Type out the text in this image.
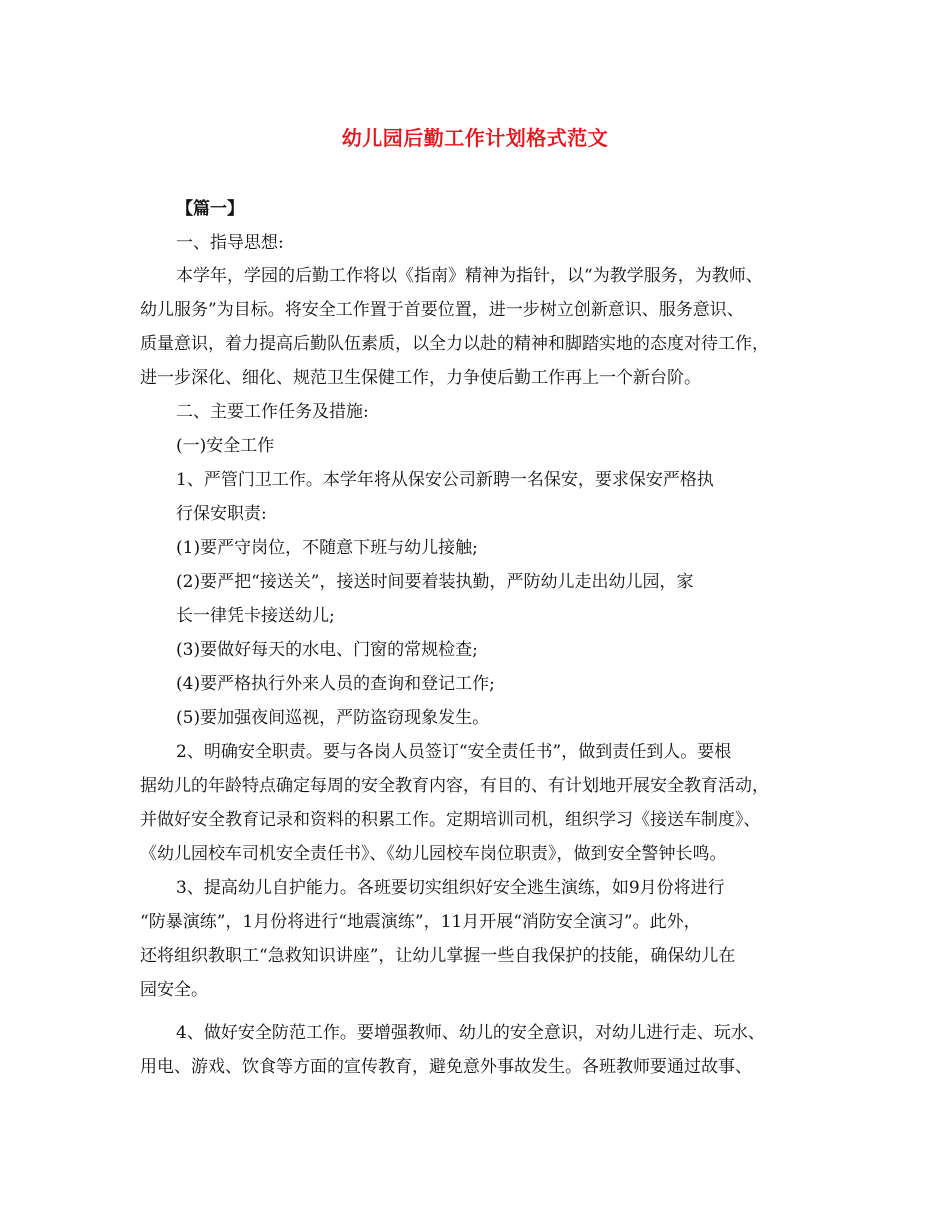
幼儿园后勤工作计划格式范文
【篇一】
一、指导思想:
本学年，学园的后勤工作将以《指南》精神为指针，以“为教学服务，为教师、
幼儿服务”为目标。将安全工作置于首要位置，进一步树立创新意识、服务意识、
质量意识，着力提高后勤队伍素质，以全力以赴的精神和脚踏实地的态度对待工作，
进一步深化、细化、规范卫生保健工作，力争使后勤工作再上一个新台阶。
二、主要工作任务及措施:
(一)安全工作
1、严管门卫工作。本学年将从保安公司新聘一名保安，要求保安严格执
行保安职责:
(1)要严守岗位，不随意下班与幼儿接触;
(2)要严把“接送关”，接送时间要着装执勤，严防幼儿走出幼儿园，家
长一律凭卡接送幼儿;
(3)要做好每天的水电、门窗的常规检查;
(4)要严格执行外来人员的查询和登记工作;
(5)要加强夜间巡视，严防盗窃现象发生。
2、明确安全职责。要与各岗人员签订“安全责任书”，做到责任到人。要根
据幼儿的年龄特点确定每周的安全教育内容，有目的、有计划地开展安全教育活动，
并做好安全教育记录和资料的积累工作。定期培训司机，组织学习《接送车制度》、
《幼儿园校车司机安全责任书》、《幼儿园校车岗位职责》，做到安全警钟长鸣。
3、提高幼儿自护能力。各班要切实组织好安全逃生演练，如9月份将进行
“防暴演练”，1月份将进行“地震演练”，11月开展“消防安全演习”。此外，
还将组织教职工“急救知识讲座”，让幼儿掌握一些自我保护的技能，确保幼儿在
园安全。
4、做好安全防范工作。要增强教师、幼儿的安全意识，对幼儿进行走、玩水、
用电、游戏、饮食等方面的宣传教育，避免意外事故发生。各班教师要通过故事、
